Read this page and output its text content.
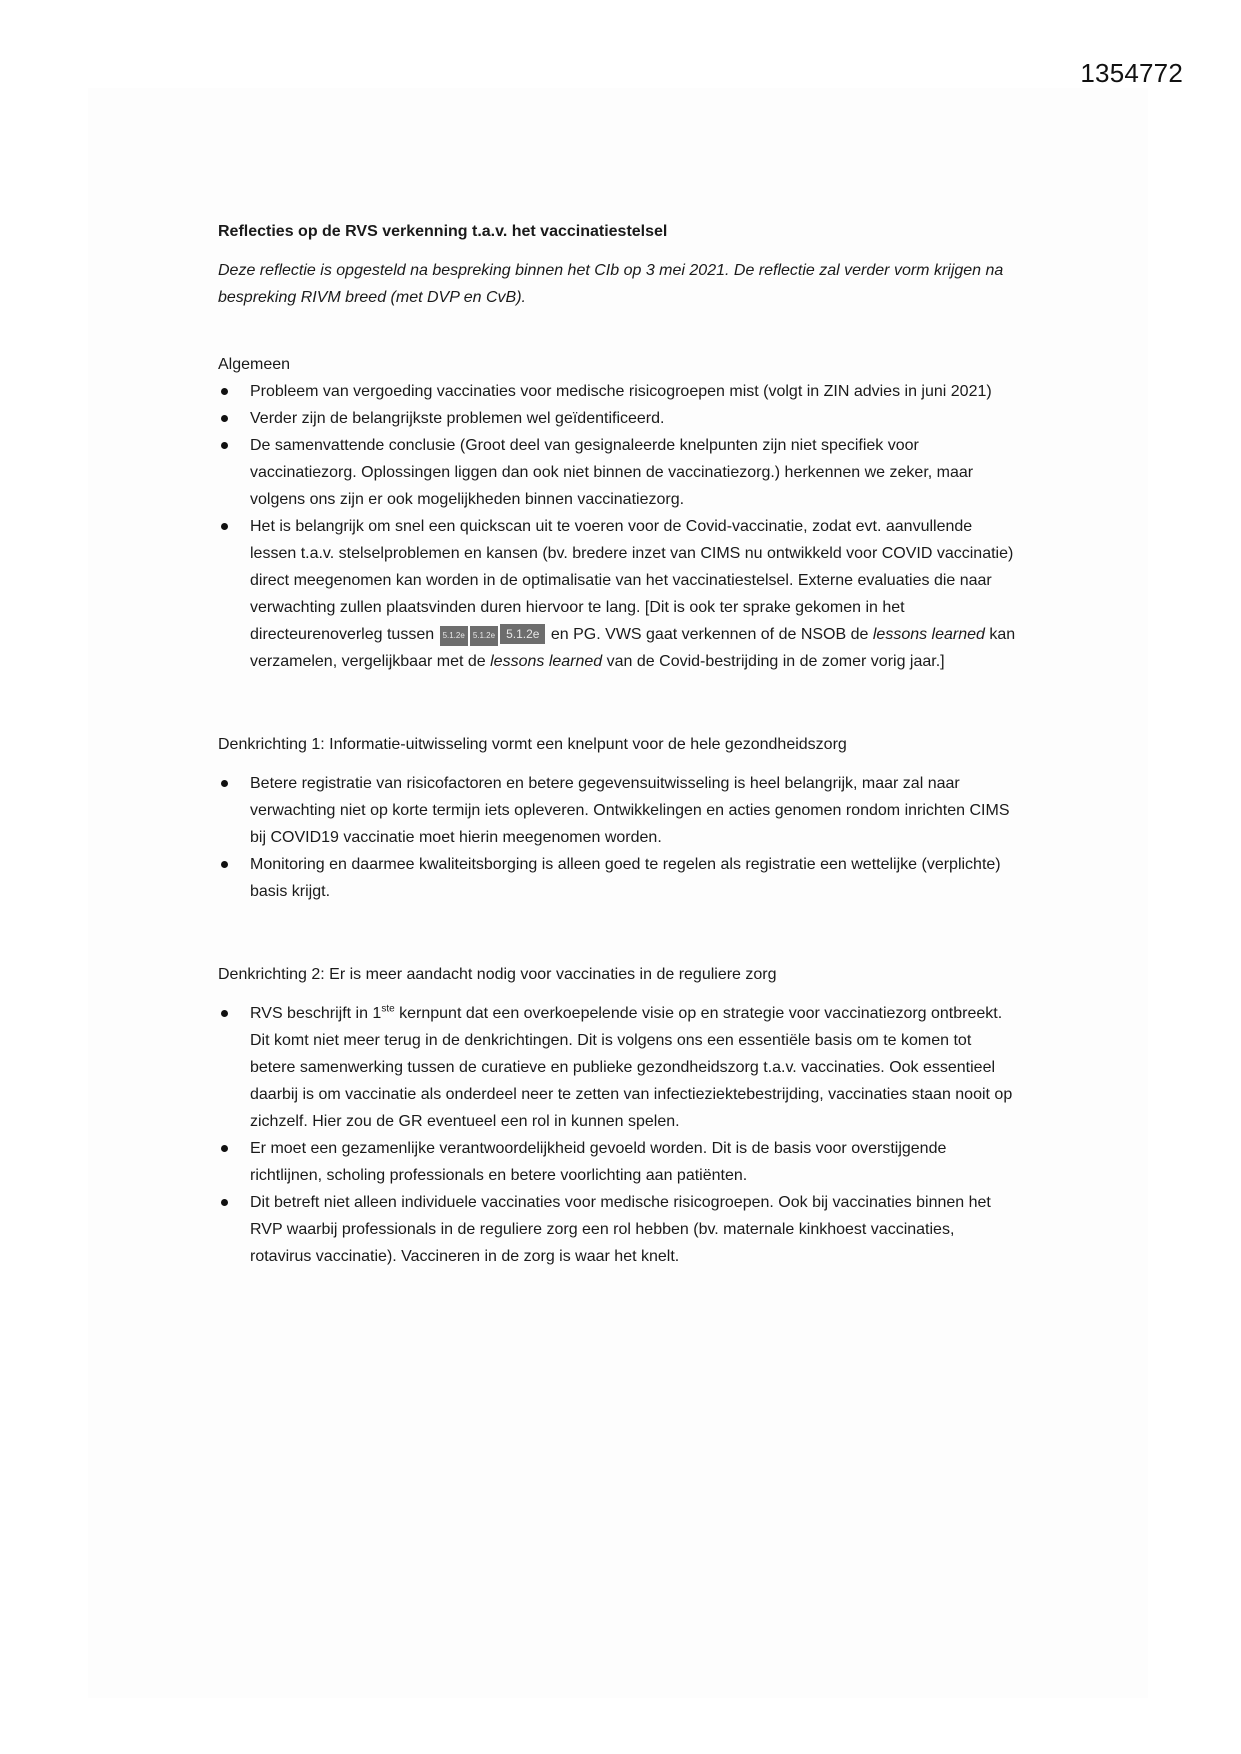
1354772

Reflecties op de RVS verkenning t.a.v. het vaccinatiestelsel

Deze reflectie is opgesteld na bespreking binnen het CIb op 3 mei 2021. De reflectie zal verder vorm krijgen na bespreking RIVM breed (met DVP en CvB).

Algemeen

Probleem van vergoeding vaccinaties voor medische risicogroepen mist (volgt in ZIN advies in juni 2021)
Verder zijn de belangrijkste problemen wel geïdentificeerd.
De samenvattende conclusie (Groot deel van gesignaleerde knelpunten zijn niet specifiek voor vaccinatiezorg. Oplossingen liggen dan ook niet binnen de vaccinatiezorg.) herkennen we zeker, maar volgens ons zijn er ook mogelijkheden binnen vaccinatiezorg.
Het is belangrijk om snel een quickscan uit te voeren voor de Covid-vaccinatie, zodat evt. aanvullende lessen t.a.v. stelselproblemen en kansen (bv. bredere inzet van CIMS nu ontwikkeld voor COVID vaccinatie) direct meegenomen kan worden in de optimalisatie van het vaccinatiestelsel. Externe evaluaties die naar verwachting zullen plaatsvinden duren hiervoor te lang. [Dit is ook ter sprake gekomen in het directeurenoverleg tussen 5.1.2e 5.1.2e 5.1.2e en PG. VWS gaat verkennen of de NSOB de lessons learned kan verzamelen, vergelijkbaar met de lessons learned van de Covid-bestrijding in de zomer vorig jaar.]

Denkrichting 1: Informatie-uitwisseling vormt een knelpunt voor de hele gezondheidszorg

Betere registratie van risicofactoren en betere gegevensuitwisseling is heel belangrijk, maar zal naar verwachting niet op korte termijn iets opleveren. Ontwikkelingen en acties genomen rondom inrichten CIMS bij COVID19 vaccinatie moet hierin meegenomen worden.
Monitoring en daarmee kwaliteitsborging is alleen goed te regelen als registratie een wettelijke (verplichte) basis krijgt.

Denkrichting 2: Er is meer aandacht nodig voor vaccinaties in de reguliere zorg

RVS beschrijft in 1ste kernpunt dat een overkoepelende visie op en strategie voor vaccinatiezorg ontbreekt. Dit komt niet meer terug in de denkrichtingen. Dit is volgens ons een essentiële basis om te komen tot betere samenwerking tussen de curatieve en publieke gezondheidszorg t.a.v. vaccinaties. Ook essentieel daarbij is om vaccinatie als onderdeel neer te zetten van infectieziektebestrijding, vaccinaties staan nooit op zichzelf. Hier zou de GR eventueel een rol in kunnen spelen.
Er moet een gezamenlijke verantwoordelijkheid gevoeld worden. Dit is de basis voor overstijgende richtlijnen, scholing professionals en betere voorlichting aan patiënten.
Dit betreft niet alleen individuele vaccinaties voor medische risicogroepen. Ook bij vaccinaties binnen het RVP waarbij professionals in de reguliere zorg een rol hebben (bv. maternale kinkhoest vaccinaties, rotavirus vaccinatie). Vaccineren in de zorg is waar het knelt.
